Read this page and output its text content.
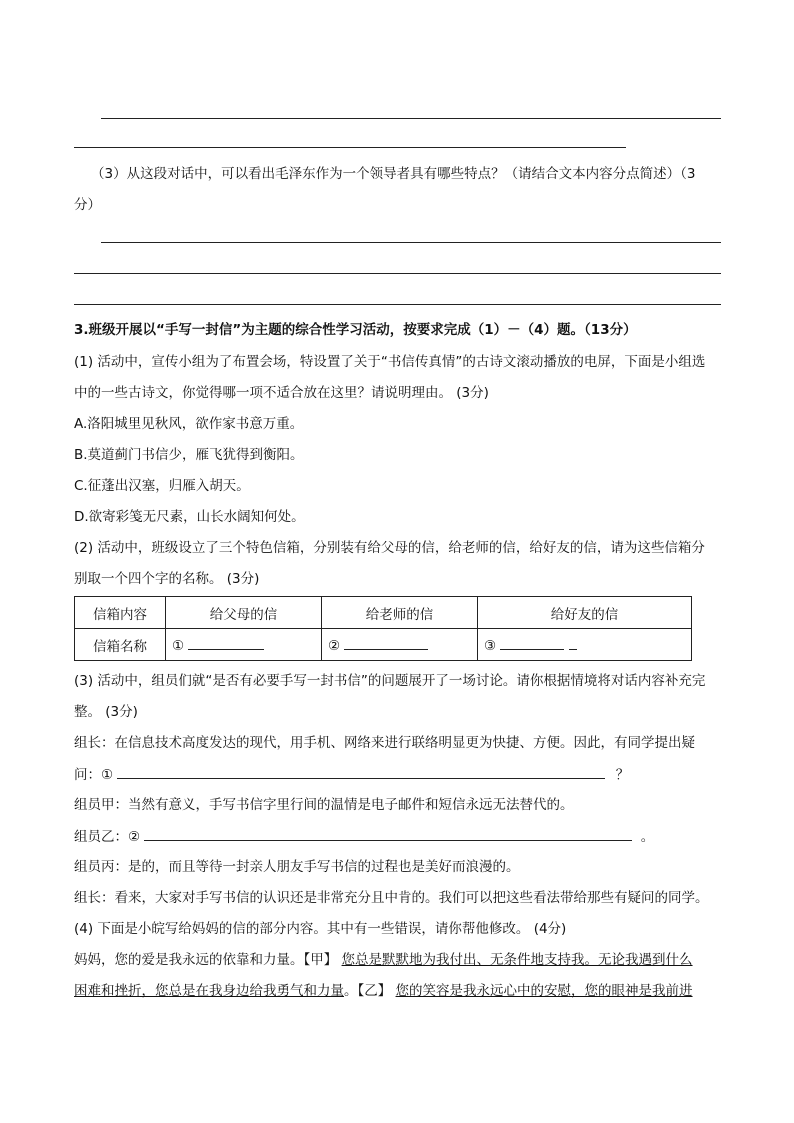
（3）从这段对话中，可以看出毛泽东作为一个领导者具有哪些特点？（请结合文本内容分点简述）（3
分）
3.班级开展以“手写一封信”为主题的综合性学习活动，按要求完成（1）－（4）题。（13分）
(1) 活动中，宣传小组为了布置会场，特设置了关于“书信传真情”的古诗文滚动播放的电屏，下面是小组选
中的一些古诗文，你觉得哪一项不适合放在这里？请说明理由。 (3分)
A.洛阳城里见秋风，欲作家书意万重。
B.莫道蓟门书信少，雁飞犹得到衡阳。
C.征蓬出汉塞，归雁入胡天。
D.欲寄彩笺无尺素，山长水阔知何处。
(2) 活动中，班级设立了三个特色信箱，分别装有给父母的信，给老师的信，给好友的信，请为这些信箱分
别取一个四个字的名称。 (3分)
信箱内容	给父母的信	给老师的信	给好友的信
信箱名称	①	②	③
(3) 活动中，组员们就“是否有必要手写一封书信”的问题展开了一场讨论。请你根据情境将对话内容补充完
整。 (3分)
组长：在信息技术高度发达的现代，用手机、网络来进行联络明显更为快捷、方便。因此，有同学提出疑
问：①	？
组员甲：当然有意义，手写书信字里行间的温情是电子邮件和短信永远无法替代的。
组员乙：②	。
组员丙：是的，而且等待一封亲人朋友手写书信的过程也是美好而浪漫的。
组长：看来，大家对手写书信的认识还是非常充分且中肯的。我们可以把这些看法带给那些有疑问的同学。
(4) 下面是小皖写给妈妈的信的部分内容。其中有一些错误，请你帮他修改。 (4分)
妈妈，您的爱是我永远的依靠和力量。【甲】 您总是默默地为我付出、无条件地支持我。无论我遇到什么
困难和挫折，您总是在我身边给我勇气和力量。【乙】 您的笑容是我永远心中的安慰，您的眼神是我前进
